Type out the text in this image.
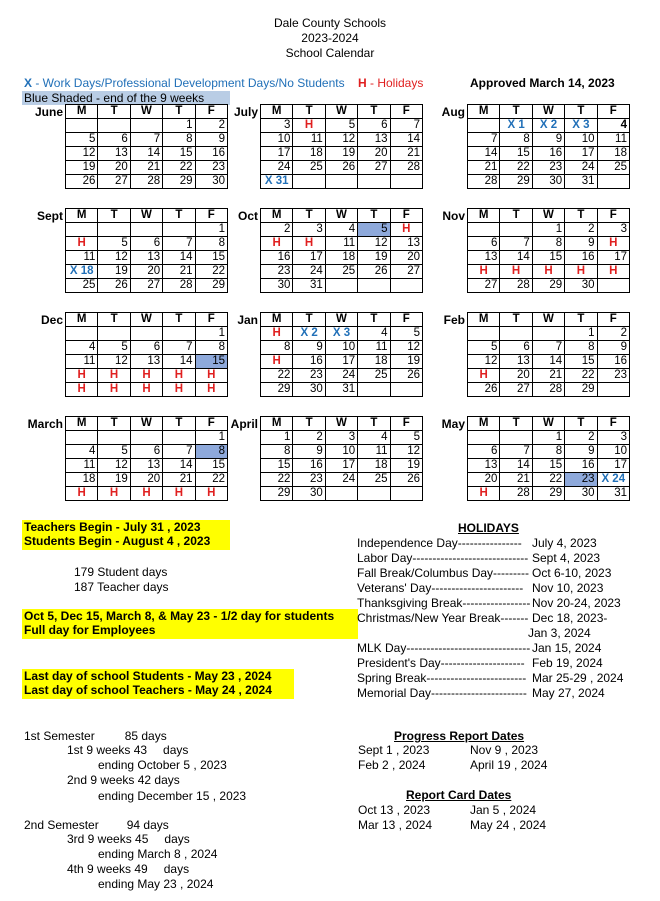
Dale County Schools
2023-2024
School Calendar
X - Work Days/Professional Development Days/No Students H - Holidays	Approved March 14, 2023
Blue Shaded - end of the 9 weeks
June M	T	W	T	F
			1	2
5	6	7	8	9
12	13	14	15	16
19	20	21	22	23
26	27	28	29	30
July M	T	W	T	F
3	H	5	6	7
10	11	12	13	14
17	18	19	20	21
24	25	26	27	28
X 31				
Aug M	T	W	T	F
	X 1	X 2	X 3	4
7	8	9	10	11
14	15	16	17	18
21	22	23	24	25
28	29	30	31	
Sept M	T	W	T	F
				1
H	5	6	7	8
11	12	13	14	15
X 18	19	20	21	22
25	26	27	28	29
Oct M	T	W	T	F
2	3	4	5	H
H	H	11	12	13
16	17	18	19	20
23	24	25	26	27
30	31			
Nov M	T	W	T	F
		1	2	3
6	7	8	9	H
13	14	15	16	17
H	H	H	H	H
27	28	29	30	
Dec M	T	W	T	F
				1
4	5	6	7	8
11	12	13	14	15
H	H	H	H	H
H	H	H	H	H
Jan M	T	W	T	F
H	X 2	X 3	4	5
8	9	10	11	12
H	16	17	18	19
22	23	24	25	26
29	30	31		
Feb M	T	W	T	F
			1	2
5	6	7	8	9
12	13	14	15	16
H	20	21	22	23
26	27	28	29	
March M	T	W	T	F
				1
4	5	6	7	8
11	12	13	14	15
18	19	20	21	22
H	H	H	H	H
April M	T	W	T	F
1	2	3	4	5
8	9	10	11	12
15	16	17	18	19
22	23	24	25	26
29	30			
May M	T	W	T	F
		1	2	3
6	7	8	9	10
13	14	15	16	17
20	21	22	23	X 24
H	28	29	30	31
Teachers Begin - July 31 , 2023
Students Begin - August 4 , 2023
179 Student days
187 Teacher days
Oct 5, Dec 15, March 8, & May 23 - 1/2 day for students
Full day for Employees
Last day of school Students - May 23 , 2024
Last day of school Teachers - May 24 , 2024
HOLIDAYS
Independence Day---------------- July 4, 2023
Labor Day----------------------------- Sept 4, 2023
Fall Break/Columbus Day--------- Oct 6-10, 2023
Veterans' Day----------------------- Nov 10, 2023
Thanksgiving Break----------------- Nov 20-24, 2023
Christmas/New Year Break------- Dec 18, 2023-
Jan 3, 2024
MLK Day------------------------------- Jan 15, 2024
President's Day--------------------- Feb 19, 2024
Spring Break------------------------- Mar 25-29 , 2024
Memorial Day------------------------ May 27, 2024
1st Semester	85 days
1st 9 weeks 43 days
ending October 5 , 2023
2nd 9 weeks 42 days
ending December 15 , 2023
2nd Semester 94 days
3rd 9 weeks 45 days
ending March 8 , 2024
4th 9 weeks 49 days
ending May 23 , 2024
Progress Report Dates
Sept 1 , 2023	Nov 9 , 2023
Feb 2 , 2024	April 19 , 2024
Report Card Dates
Oct 13 , 2023	Jan 5 , 2024
Mar 13 , 2024	May 24 , 2024
